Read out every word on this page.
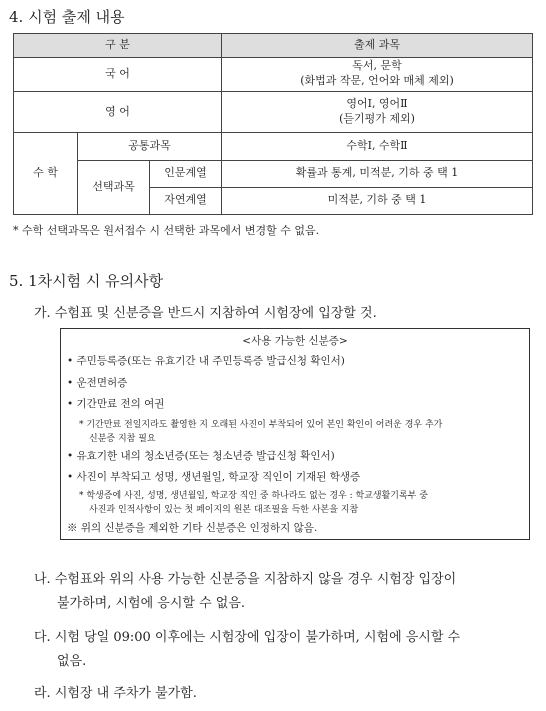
4. 시험 출제 내용
구 분			출제 과목
국 어			독서, 문학
(화법과 작문, 언어와 매체 제외)

영 어			영어Ⅰ, 영어Ⅱ
(듣기평가 제외)

수 학	공통과목		수학Ⅰ, 수학Ⅱ
	선택과목	인문계열	확률과 통계, 미적분, 기하 중 택 1
		자연계열	미적분, 기하 중 택 1
* 수학 선택과목은 원서접수 시 선택한 과목에서 변경할 수 없음.
5. 1차시험 시 유의사항
가. 수험표 및 신분증을 반드시 지참하여 시험장에 입장할 것.
<사용 가능한 신분증>
• 주민등록증(또는 유효기간 내 주민등록증 발급신청 확인서)
• 운전면허증
• 기간만료 전의 여권
* 기간만료 전일지라도 촬영한 지 오래된 사진이 부착되어 있어 본인 확인이 어려운 경우 추가
신분증 지참 필요
• 유효기한 내의 청소년증(또는 청소년증 발급신청 확인서)
• 사진이 부착되고 성명, 생년월일, 학교장 직인이 기재된 학생증
* 학생증에 사진, 성명, 생년월일, 학교장 직인 중 하나라도 없는 경우 : 학교생활기록부 중
사진과 인적사항이 있는 첫 페이지의 원본 대조필을 득한 사본을 지참
※ 위의 신분증을 제외한 기타 신분증은 인정하지 않음.
나. 수험표와 위의 사용 가능한 신분증을 지참하지 않을 경우 시험장 입장이
불가하며, 시험에 응시할 수 없음.
다. 시험 당일 09:00 이후에는 시험장에 입장이 불가하며, 시험에 응시할 수
없음.
라. 시험장 내 주차가 불가함.
